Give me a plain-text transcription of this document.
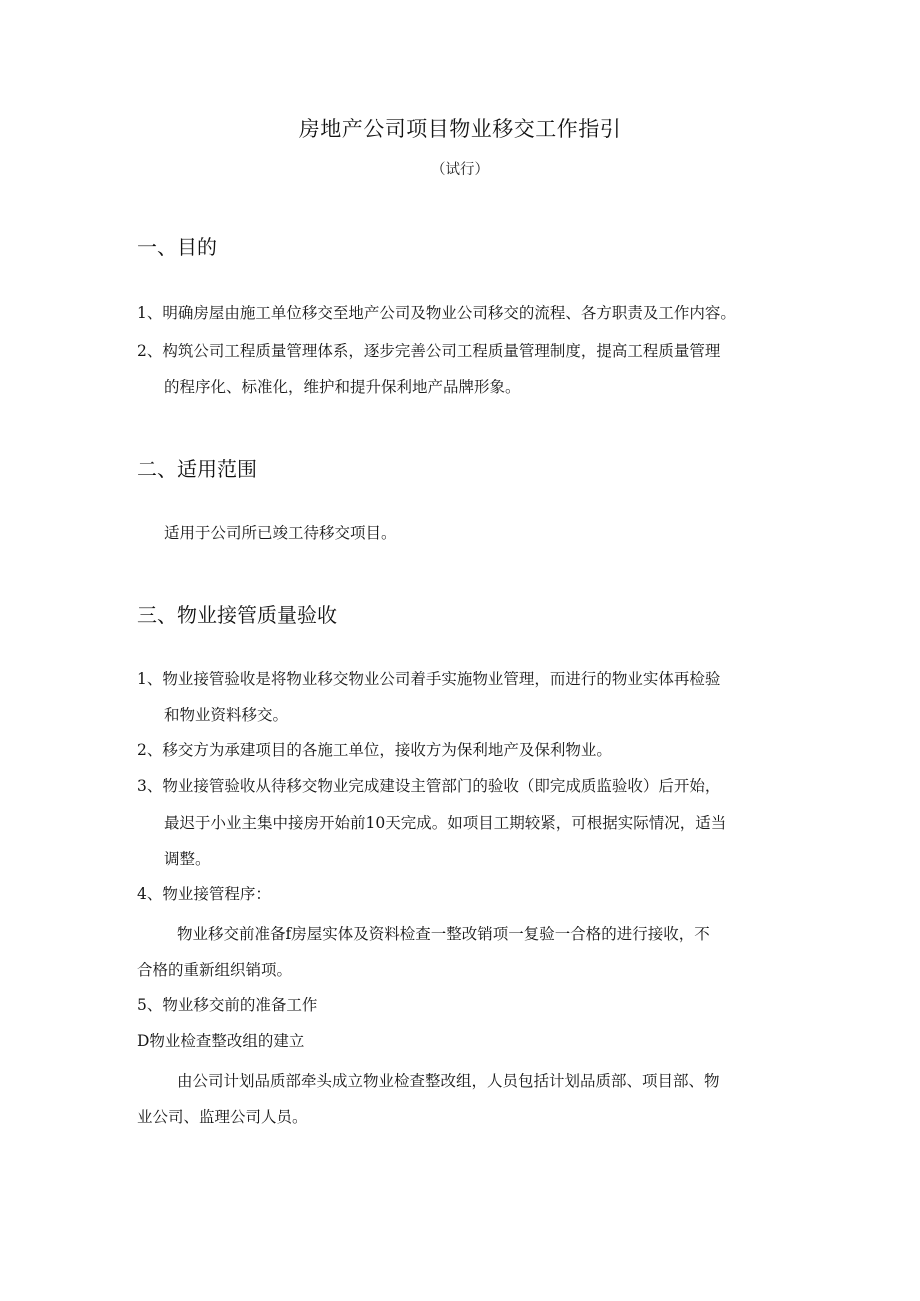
房地产公司项目物业移交工作指引
（试行）
一、目的
1、明确房屋由施工单位移交至地产公司及物业公司移交的流程、各方职责及工作内容。
2、构筑公司工程质量管理体系，逐步完善公司工程质量管理制度，提高工程质量管理
的程序化、标准化，维护和提升保利地产品牌形象。
二、适用范围
适用于公司所已竣工待移交项目。
三、物业接管质量验收
1、物业接管验收是将物业移交物业公司着手实施物业管理，而进行的物业实体再检验
和物业资料移交。
2、移交方为承建项目的各施工单位，接收方为保利地产及保利物业。
3、物业接管验收从待移交物业完成建设主管部门的验收（即完成质监验收）后开始，
最迟于小业主集中接房开始前10天完成。如项目工期较紧，可根据实际情况，适当
调整。
4、物业接管程序：
物业移交前准备f房屋实体及资料检查一整改销项一复验一合格的进行接收，不
合格的重新组织销项。
5、物业移交前的准备工作
D物业检查整改组的建立
由公司计划品质部牵头成立物业检查整改组，人员包括计划品质部、项目部、物
业公司、监理公司人员。
